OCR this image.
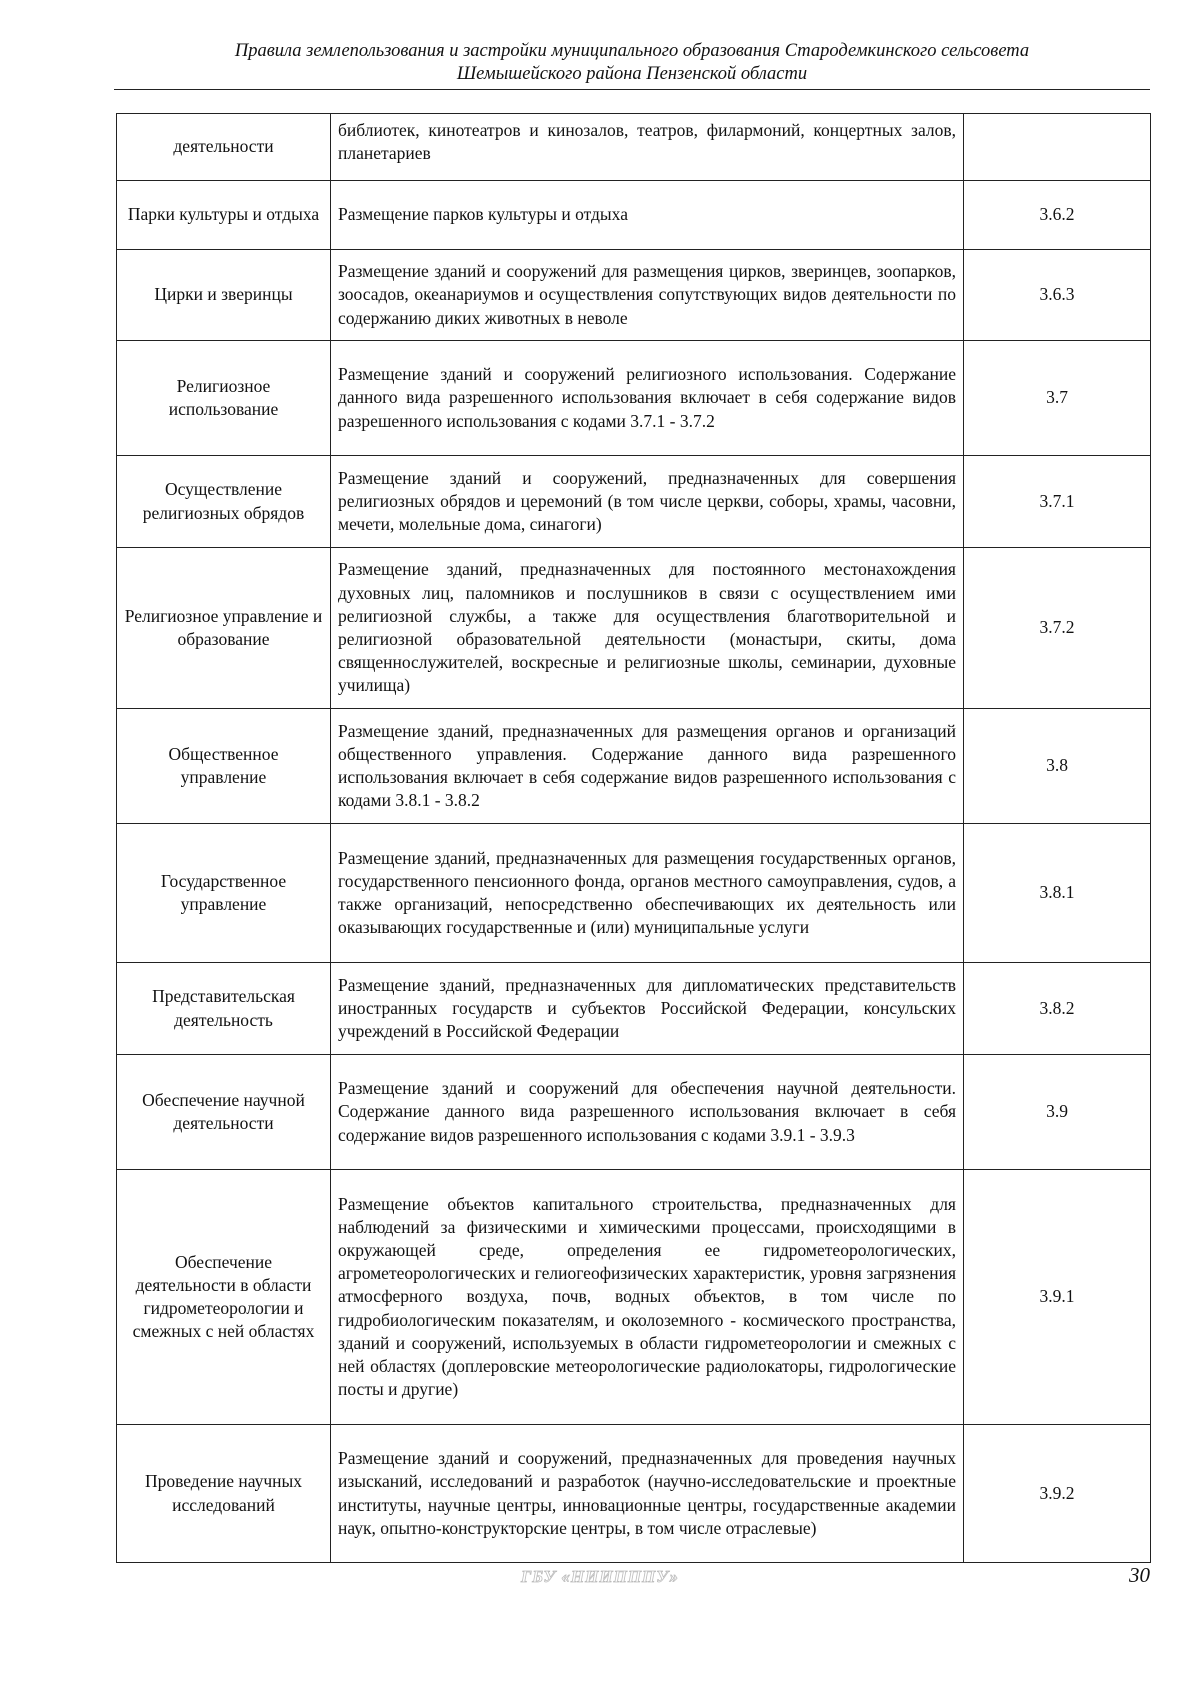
Правила землепользования и застройки муниципального образования Стародемкинского сельсовета
Шемышейского района Пензенской области
деятельности	библиотек, кинотеатров и кинозалов, театров, филармоний, концертных залов, планетариев	
Парки культуры и отдыха	Размещение парков культуры и отдыха	3.6.2
Цирки и зверинцы	Размещение зданий и сооружений для размещения цирков, зверинцев, зоопарков, зоосадов, океанариумов и осуществления сопутствующих видов деятельности по содержанию диких животных в неволе	3.6.3
Религиозное использование	Размещение зданий и сооружений религиозного использования. Содержание данного вида разрешенного использования включает в себя содержание видов разрешенного использования с кодами 3.7.1 - 3.7.2	3.7
Осуществление религиозных обрядов	Размещение зданий и сооружений, предназначенных для совершения религиозных обрядов и церемоний (в том числе церкви, соборы, храмы, часовни, мечети, молельные дома, синагоги)	3.7.1
Религиозное управление и образование	Размещение зданий, предназначенных для постоянного местонахождения духовных лиц, паломников и послушников в связи с осуществлением ими религиозной службы, а также для осуществления благотворительной и религиозной образовательной деятельности (монастыри, скиты, дома священнослужителей, воскресные и религиозные школы, семинарии, духовные училища)	3.7.2
Общественное управление	Размещение зданий, предназначенных для размещения органов и организаций общественного управления. Содержание данного вида разрешенного использования включает в себя содержание видов разрешенного использования с кодами 3.8.1 - 3.8.2	3.8
Государственное управление	Размещение зданий, предназначенных для размещения государственных органов, государственного пенсионного фонда, органов местного самоуправления, судов, а также организаций, непосредственно обеспечивающих их деятельность или оказывающих государственные и (или) муниципальные услуги	3.8.1
Представительская деятельность	Размещение зданий, предназначенных для дипломатических представительств иностранных государств и субъектов Российской Федерации, консульских учреждений в Российской Федерации	3.8.2
Обеспечение научной деятельности	Размещение зданий и сооружений для обеспечения научной деятельности. Содержание данного вида разрешенного использования включает в себя содержание видов разрешенного использования с кодами 3.9.1 - 3.9.3	3.9
Обеспечение деятельности в области гидрометеорологии и смежных с ней областях	Размещение объектов капитального строительства, предназначенных для наблюдений за физическими и химическими процессами, происходящими в окружающей среде, определения ее гидрометеорологических, агрометеорологических и гелиогеофизических характеристик, уровня загрязнения атмосферного воздуха, почв, водных объектов, в том числе по гидробиологическим показателям, и околоземного - космического пространства, зданий и сооружений, используемых в области гидрометеорологии и смежных с ней областях (доплеровские метеорологические радиолокаторы, гидрологические посты и другие)	3.9.1
Проведение научных исследований	Размещение зданий и сооружений, предназначенных для проведения научных изысканий, исследований и разработок (научно-исследовательские и проектные институты, научные центры, инновационные центры, государственные академии наук, опытно-конструкторские центры, в том числе отраслевые)	3.9.2
ГБУ «НИИПППУ»	30
